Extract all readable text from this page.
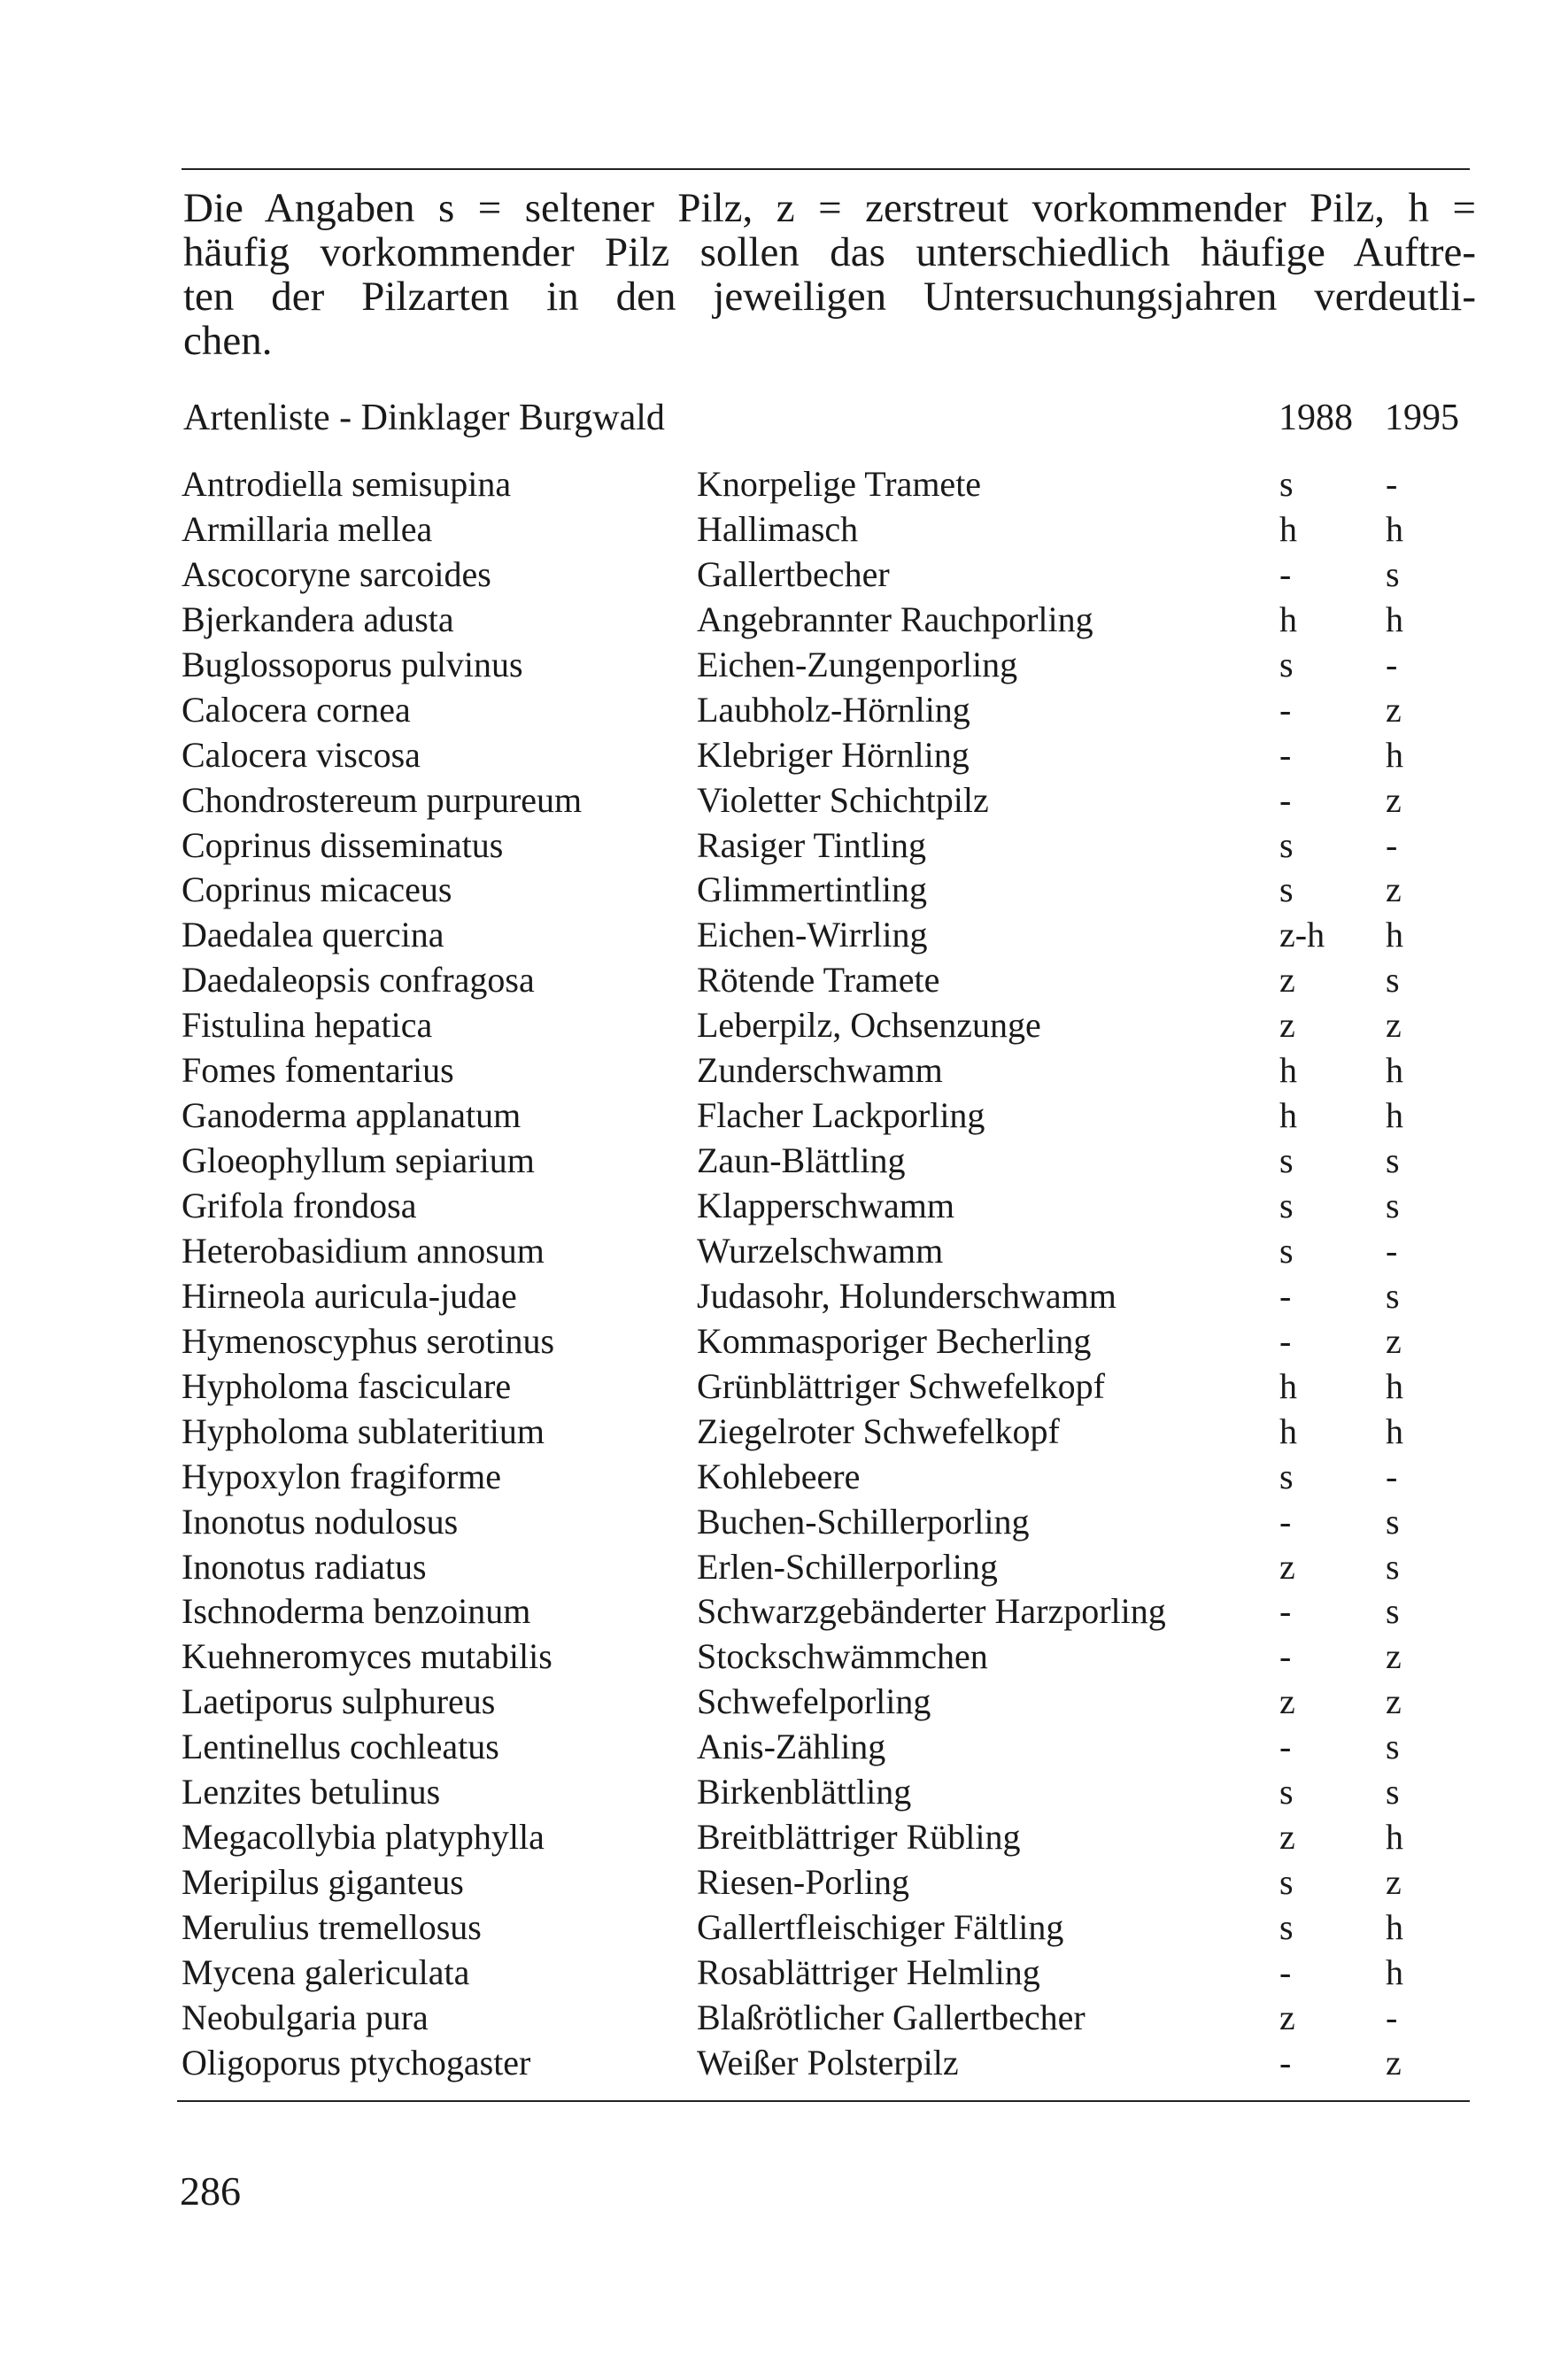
Die Angaben s = seltener Pilz, z = zerstreut vorkommender Pilz, h =
häufig vorkommender Pilz sollen das unterschiedlich häufige Auftre-
ten der Pilzarten in den jeweiligen Untersuchungsjahren verdeutli-
chen.

Artenliste - Dinklager Burgwald	1988 1995
Antrodiella semisupina	Knorpelige Tramete	s	-
Armillaria mellea	Hallimasch	h	h
Ascocoryne sarcoides	Gallertbecher	-	s
Bjerkandera adusta	Angebrannter Rauchporling	h	h
Buglossoporus pulvinus	Eichen-Zungenporling	s	-
Calocera cornea	Laubholz-Hörnling	-	z
Calocera viscosa	Klebriger Hörnling	-	h
Chondrostereum purpureum	Violetter Schichtpilz	-	z
Coprinus disseminatus	Rasiger Tintling	s	-
Coprinus micaceus	Glimmertintling	s	z
Daedalea quercina	Eichen-Wirrling	z-h h
Daedaleopsis confragosa	Rötende Tramete	z	s
Fistulina hepatica	Leberpilz, Ochsenzunge	z	z
Fomes fomentarius	Zunderschwamm	h	h
Ganoderma applanatum	Flacher Lackporling	h	h
Gloeophyllum sepiarium	Zaun-Blättling	s	s
Grifola frondosa	Klapperschwamm	s	s
Heterobasidium annosum	Wurzelschwamm	s	-
Hirneola auricula-judae	Judasohr, Holunderschwamm	-	s
Hymenoscyphus serotinus	Kommasporiger Becherling	-	z
Hypholoma fasciculare	Grünblättriger Schwefelkopf	h	h
Hypholoma sublateritium	Ziegelroter Schwefelkopf	h	h
Hypoxylon fragiforme	Kohlebeere	s	-
Inonotus nodulosus	Buchen-Schillerporling	-	s
Inonotus radiatus	Erlen-Schillerporling	z	s
Ischnoderma benzoinum	Schwarzgebänderter Harzporling	-	s
Kuehneromyces mutabilis	Stockschwämmchen	-	z
Laetiporus sulphureus	Schwefelporling	z	z
Lentinellus cochleatus	Anis-Zähling	-	s
Lenzites betulinus	Birkenblättling	s	s
Megacollybia platyphylla	Breitblättriger Rübling	z	h
Meripilus giganteus	Riesen-Porling	s	z
Merulius tremellosus	Gallertfleischiger Fältling	s	h
Mycena galericulata	Rosablättriger Helmling	-	h
Neobulgaria pura	Blaßrötlicher Gallertbecher	z	-
Oligoporus ptychogaster	Weißer Polsterpilz	-	z
286
